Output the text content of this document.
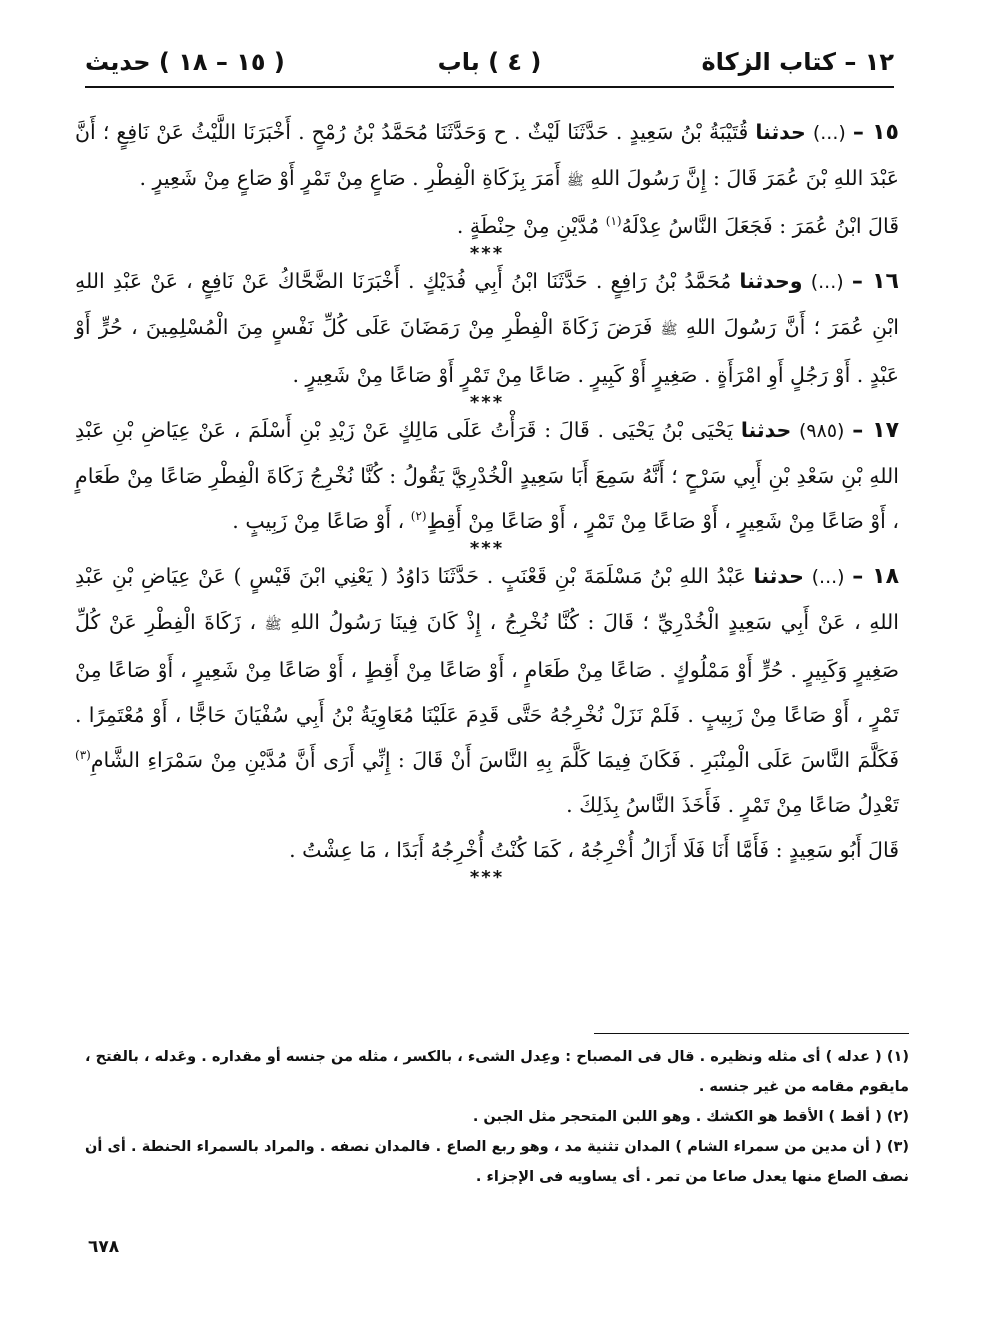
١٢ – كتاب الزكاة
( ٤ ) باب
( ١٥ – ١٨ ) حديث

١٥ – (...) حدثنا قُتَيْبَةُ بْنُ سَعِيدٍ . حَدَّثَنَا لَيْثٌ . ح وَحَدَّثَنَا مُحَمَّدُ بْنُ رُمْحٍ . أَخْبَرَنَا اللَّيْثُ عَنْ نَافِعٍ ؛ أَنَّ عَبْدَ اللهِ بْنَ عُمَرَ قَالَ : إِنَّ رَسُولَ اللهِ ﷺ أَمَرَ بِزَكَاةِ الْفِطْرِ . صَاعٍ مِنْ تَمْرٍ أَوْ صَاعٍ مِنْ شَعِيرٍ .

قَالَ ابْنُ عُمَرَ : فَجَعَلَ النَّاسُ عِدْلَهُ$^{(١)}$ مُدَّيْنِ مِنْ حِنْطَةٍ .

***

١٦ – (...) وحدثنا مُحَمَّدُ بْنُ رَافِعٍ . حَدَّثَنَا ابْنُ أَبِي فُدَيْكٍ . أَخْبَرَنَا الضَّحَّاكُ عَنْ نَافِعٍ ، عَنْ عَبْدِ اللهِ ابْنِ عُمَرَ ؛ أَنَّ رَسُولَ اللهِ ﷺ فَرَضَ زَكَاةَ الْفِطْرِ مِنْ رَمَضَانَ عَلَى كُلِّ نَفْسٍ مِنَ الْمُسْلِمِينَ ، حُرٍّ أَوْ عَبْدٍ . أَوْ رَجُلٍ أَوِ امْرَأَةٍ . صَغِيرٍ أَوْ كَبِيرٍ . صَاعًا مِنْ تَمْرٍ أَوْ صَاعًا مِنْ شَعِيرٍ .

***

١٧ – (٩٨٥) حدثنا يَحْيَى بْنُ يَحْيَى . قَالَ : قَرَأْتُ عَلَى مَالِكٍ عَنْ زَيْدِ بْنِ أَسْلَمَ ، عَنْ عِيَاضِ بْنِ عَبْدِ اللهِ بْنِ سَعْدِ بْنِ أَبِي سَرْحٍ ؛ أَنَّهُ سَمِعَ أَبَا سَعِيدٍ الْخُدْرِيَّ يَقُولُ : كُنَّا نُخْرِجُ زَكَاةَ الْفِطْرِ صَاعًا مِنْ طَعَامٍ ، أَوْ صَاعًا مِنْ شَعِيرٍ ، أَوْ صَاعًا مِنْ تَمْرٍ ، أَوْ صَاعًا مِنْ أَقِطٍ$^{(٢)}$ ، أَوْ صَاعًا مِنْ زَبِيبٍ .

***

١٨ – (...) حدثنا عَبْدُ اللهِ بْنُ مَسْلَمَةَ بْنِ قَعْنَبٍ . حَدَّثَنَا دَاوُدُ ( يَعْنِي ابْنَ قَيْسٍ ) عَنْ عِيَاضِ بْنِ عَبْدِ اللهِ ، عَنْ أَبِي سَعِيدٍ الْخُدْرِيِّ ؛ قَالَ : كُنَّا نُخْرِجُ ، إِذْ كَانَ فِينَا رَسُولُ اللهِ ﷺ ، زَكَاةَ الْفِطْرِ عَنْ كُلِّ صَغِيرٍ وَكَبِيرٍ . حُرٍّ أَوْ مَمْلُوكٍ . صَاعًا مِنْ طَعَامٍ ، أَوْ صَاعًا مِنْ أَقِطٍ ، أَوْ صَاعًا مِنْ شَعِيرٍ ، أَوْ صَاعًا مِنْ تَمْرٍ ، أَوْ صَاعًا مِنْ زَبِيبٍ . فَلَمْ نَزَلْ نُخْرِجُهُ حَتَّى قَدِمَ عَلَيْنَا مُعَاوِيَةُ بْنُ أَبِي سُفْيَانَ حَاجًّا ، أَوْ مُعْتَمِرًا . فَكَلَّمَ النَّاسَ عَلَى الْمِنْبَرِ . فَكَانَ فِيمَا كَلَّمَ بِهِ النَّاسَ أَنْ قَالَ : إِنِّي أَرَى أَنَّ مُدَّيْنِ مِنْ سَمْرَاءِ الشَّامِ$^{(٣)}$ تَعْدِلُ صَاعًا مِنْ تَمْرٍ . فَأَخَذَ النَّاسُ بِذَلِكَ .

قَالَ أَبُو سَعِيدٍ : فَأَمَّا أَنَا فَلَا أَزَالُ أُخْرِجُهُ ، كَمَا كُنْتُ أُخْرِجُهُ أَبَدًا ، مَا عِشْتُ .

***

(١) ( عدله ) أى مثله ونظيره . قال فى المصباح : وعِدل الشىء ، بالكسر ، مثله من جنسه أو مقداره . وعَدله ، بالفتح ، مايقوم مقامه من غير جنسه .

(٢) ( أقط ) الأقط هو الكشك . وهو اللبن المتحجر مثل الجبن .

(٣) ( أن مدين من سمراء الشام ) المدان تثنية مد ، وهو ربع الصاع . فالمدان نصفه . والمراد بالسمراء الحنطة . أى أن نصف الصاع منها يعدل صاعا من تمر . أى يساويه فى الإجزاء .

٦٧٨
